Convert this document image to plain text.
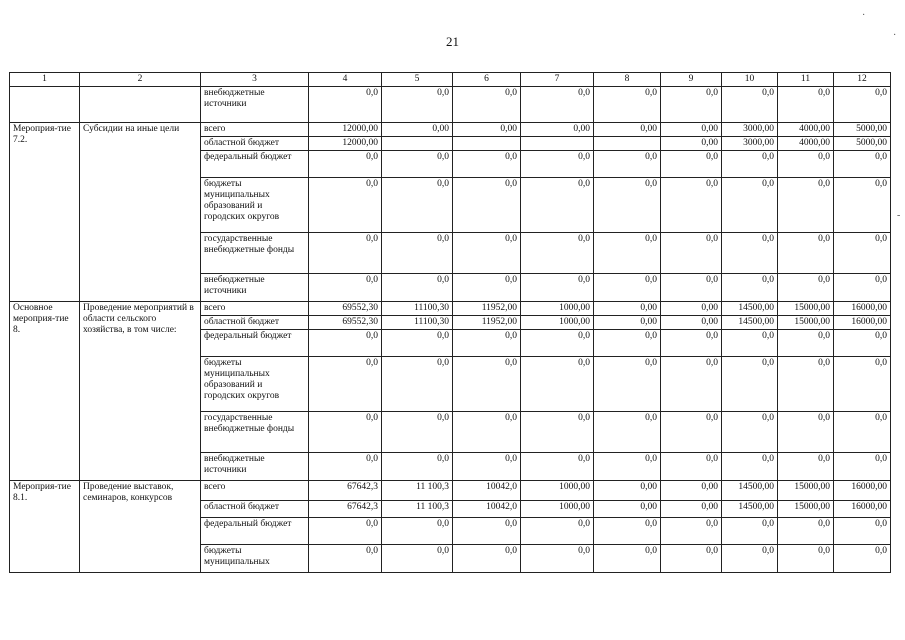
21
1	2	3	4	5	6	7	8	9	10	11	12
		внебюджетные источники	0,0	0,0	0,0	0,0	0,0	0,0	0,0	0,0	0,0
Мероприя-тие 7.2.	Субсидии на иные цели	всего	12000,00	0,00	0,00	0,00	0,00	0,00	3000,00	4000,00	5000,00
		областной бюджет	12000,00					0,00	3000,00	4000,00	5000,00
		федеральный бюджет	0,0	0,0	0,0	0,0	0,0	0,0	0,0	0,0	0,0
		бюджеты муниципальных образований и городских округов	0,0	0,0	0,0	0,0	0,0	0,0	0,0	0,0	0,0
		государственные внебюджетные фонды	0,0	0,0	0,0	0,0	0,0	0,0	0,0	0,0	0,0
		внебюджетные источники	0,0	0,0	0,0	0,0	0,0	0,0	0,0	0,0	0,0
Основное мероприя-тие 8.	Проведение мероприятий в области сельского хозяйства, в том числе:	всего	69552,30	11100,30	11952,00	1000,00	0,00	0,00	14500,00	15000,00	16000,00
		областной бюджет	69552,30	11100,30	11952,00	1000,00	0,00	0,00	14500,00	15000,00	16000,00
		федеральный бюджет	0,0	0,0	0,0	0,0	0,0	0,0	0,0	0,0	0,0
		бюджеты муниципальных образований и городских округов	0,0	0,0	0,0	0,0	0,0	0,0	0,0	0,0	0,0
		государственные внебюджетные фонды	0,0	0,0	0,0	0,0	0,0	0,0	0,0	0,0	0,0
		внебюджетные источники	0,0	0,0	0,0	0,0	0,0	0,0	0,0	0,0	0,0
Мероприя-тие 8.1.	Проведение выставок, семинаров, конкурсов	всего	67642,3	11 100,3	10042,0	1000,00	0,00	0,00	14500,00	15000,00	16000,00
		областной бюджет	67642,3	11 100,3	10042,0	1000,00	0,00	0,00	14500,00	15000,00	16000,00
		федеральный бюджет	0,0	0,0	0,0	0,0	0,0	0,0	0,0	0,0	0,0
		бюджеты муниципальных	0,0	0,0	0,0	0,0	0,0	0,0	0,0	0,0	0,0
·
·
-
